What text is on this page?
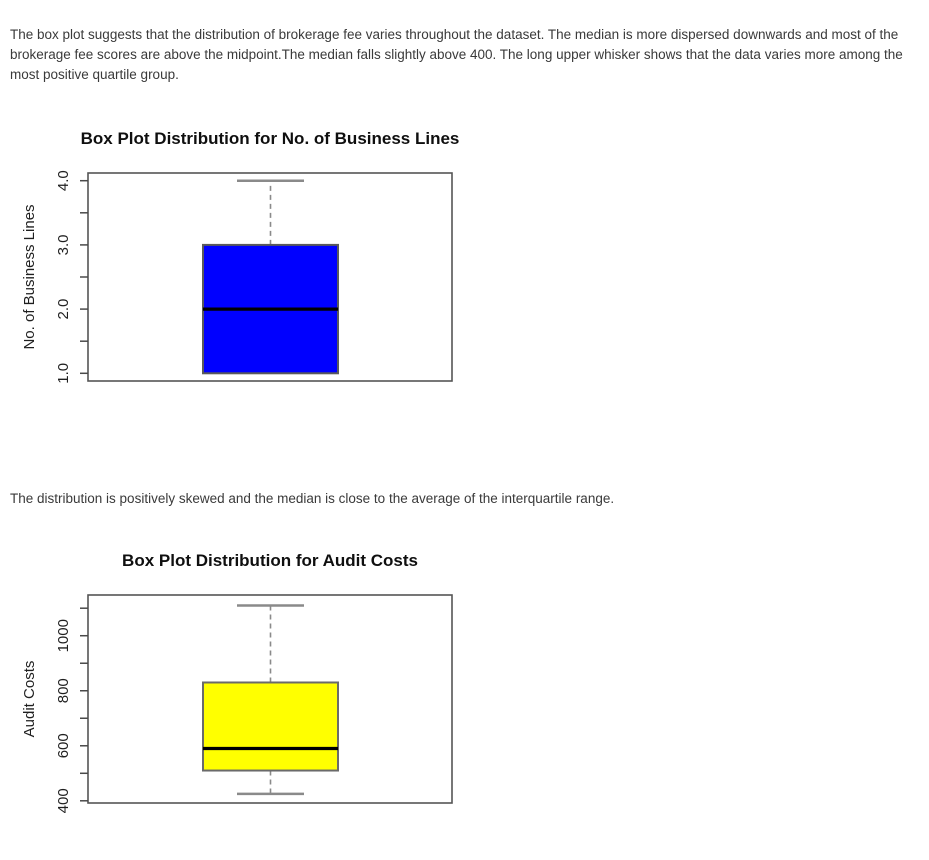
The box plot suggests that the distribution of brokerage fee varies throughout the dataset. The median is more dispersed downwards and most of the brokerage fee scores are above the midpoint.The median falls slightly above 400. The long upper whisker shows that the data varies more among the most positive quartile group.

Box Plot Distribution for No. of Business Lines
1.0
2.0
3.0
4.0
No. of Business Lines

The distribution is positively skewed and the median is close to the average of the interquartile range.

Box Plot Distribution for Audit Costs
400
600
800
1000
Audit Costs
